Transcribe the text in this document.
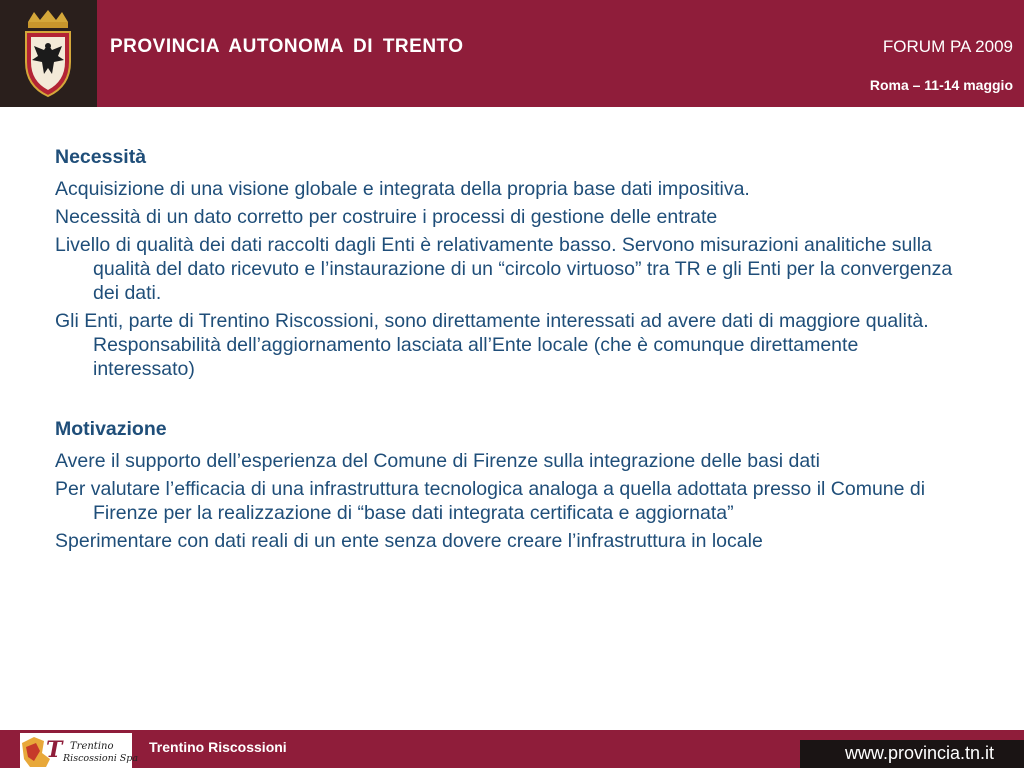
PROVINCIA AUTONOMA DI TRENTO	FORUM PA 2009
Roma – 11-14 maggio
Necessità

Acquisizione di una visione globale e integrata della propria base dati impositiva.

Necessità di un dato corretto per costruire i processi di gestione delle entrate

Livello di qualità dei dati raccolti dagli Enti è relativamente basso. Servono misurazioni analitiche sulla qualità del dato ricevuto e l’instaurazione di un “circolo virtuoso” tra TR e gli Enti per la convergenza dei dati.

Gli Enti, parte di Trentino Riscossioni, sono direttamente interessati ad avere dati di maggiore qualità. Responsabilità dell’aggiornamento lasciata all’Ente locale (che è comunque direttamente interessato)

Motivazione

Avere il supporto dell’esperienza del Comune di Firenze sulla integrazione delle basi dati

Per valutare l’efficacia di una infrastruttura tecnologica analoga a quella adottata presso il Comune di Firenze per la realizzazione di “base dati integrata certificata e aggiornata”

Sperimentare con dati reali di un ente senza dovere creare l’infrastruttura in locale

T Trentino
Riscossioni Spa
Trentino Riscossioni	www.provincia.tn.it
